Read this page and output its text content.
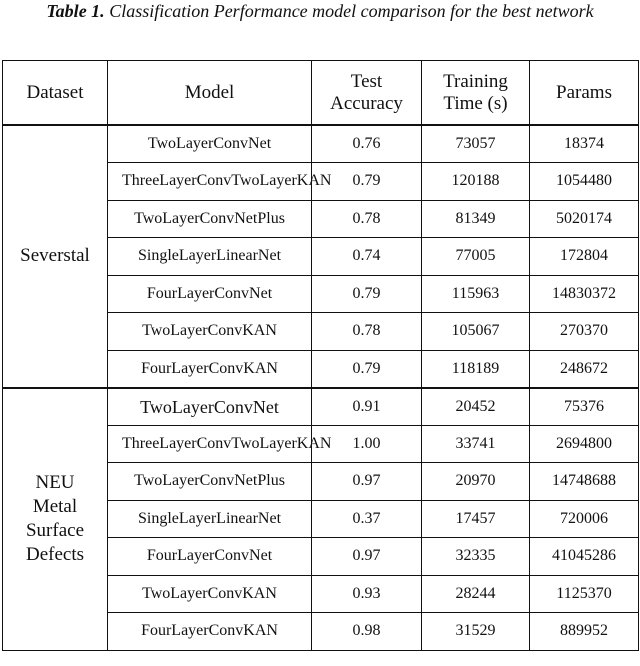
Table 1. Classification Performance model comparison for the best network
Dataset	Model	Test Accuracy	Training Time (s)	Params
Severstal	TwoLayerConvNet	0.76	73057	18374
	ThreeLayerConvTwoLayerKAN	0.79	120188	1054480
	TwoLayerConvNetPlus	0.78	81349	5020174
	SingleLayerLinearNet	0.74	77005	172804
	FourLayerConvNet	0.79	115963	14830372
	TwoLayerConvKAN	0.78	105067	270370
	FourLayerConvKAN	0.79	118189	248672
NEU Metal Surface Defects	TwoLayerConvNet	0.91	20452	75376
	ThreeLayerConvTwoLayerKAN	1.00	33741	2694800
	TwoLayerConvNetPlus	0.97	20970	14748688
	SingleLayerLinearNet	0.37	17457	720006
	FourLayerConvNet	0.97	32335	41045286
	TwoLayerConvKAN	0.93	28244	1125370
	FourLayerConvKAN	0.98	31529	889952
